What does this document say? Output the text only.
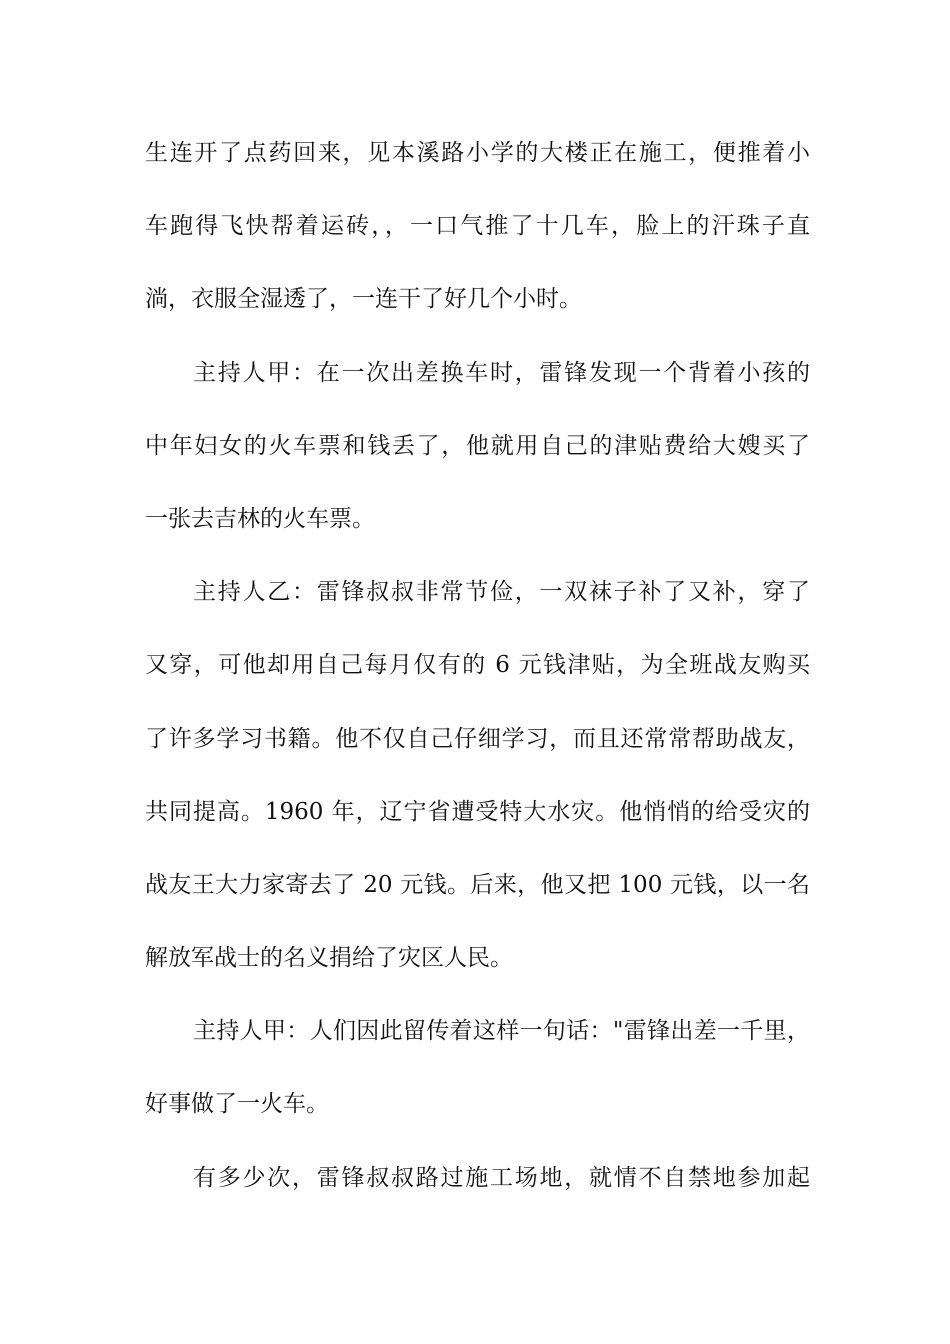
生连开了点药回来，见本溪路小学的大楼正在施工，便推着小
车跑得飞快帮着运砖，，一口气推了十几车，脸上的汗珠子直
淌，衣服全湿透了，一连干了好几个小时。
主持人甲：在一次出差换车时，雷锋发现一个背着小孩的
中年妇女的火车票和钱丢了，他就用自己的津贴费给大嫂买了
一张去吉林的火车票。
主持人乙：雷锋叔叔非常节俭，一双袜子补了又补，穿了
又穿，可他却用自己每月仅有的 6 元钱津贴，为全班战友购买
了许多学习书籍。他不仅自己仔细学习，而且还常常帮助战友，
共同提高。1960 年，辽宁省遭受特大水灾。他悄悄的给受灾的
战友王大力家寄去了 20 元钱。后来，他又把 100 元钱，以一名
解放军战士的名义捐给了灾区人民。
主持人甲：人们因此留传着这样一句话："雷锋出差一千里，
好事做了一火车。
有多少次，雷锋叔叔路过施工场地，就情不自禁地参加起
